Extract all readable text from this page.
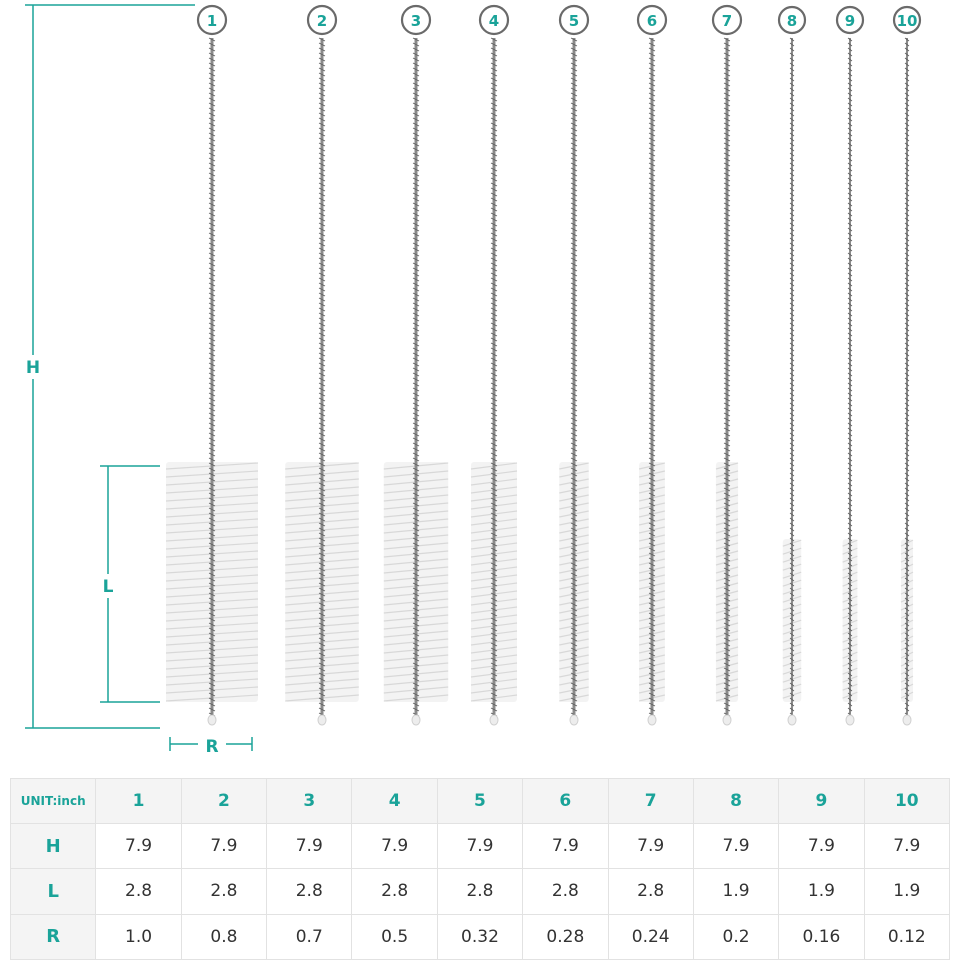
H
L
R
1	2	3	4	5	6	7	8	9	10
UNIT:inch	1	2	3	4	5	6	7	8	9	10
H	7.9	7.9	7.9	7.9	7.9	7.9	7.9	7.9	7.9	7.9
L	2.8	2.8	2.8	2.8	2.8	2.8	2.8	1.9	1.9	1.9
R	1.0	0.8	0.7	0.5	0.32	0.28	0.24	0.2	0.16	0.12
